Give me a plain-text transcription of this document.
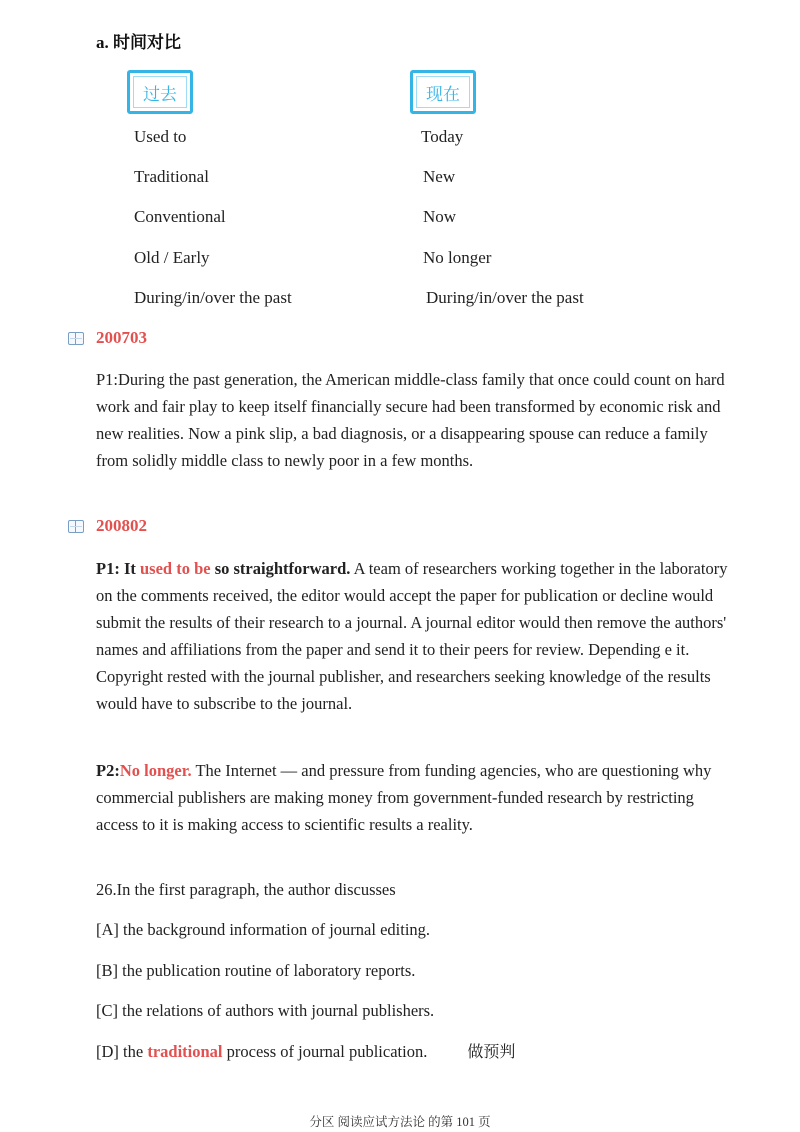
a. 时间对比
过去	现在
Used to
Traditional
Conventional
Old / Early
During/in/over the past
Today
New
Now
No longer
During/in/over the past
200703
P1:During the past generation, the American middle-class family that once could count on hard work and fair play to keep itself financially secure had been transformed by economic risk and new realities. Now a pink slip, a bad diagnosis, or a disappearing spouse can reduce a family from solidly middle class to newly poor in a few months.
200802
P1: It used to be so straightforward. A team of researchers working together in the laboratory on the comments received, the editor would accept the paper for publication or decline would submit the results of their research to a journal. A journal editor would then remove the authors' names and affiliations from the paper and send it to their peers for review. Depending e it. Copyright rested with the journal publisher, and researchers seeking knowledge of the results would have to subscribe to the journal.
P2:No longer. The Internet — and pressure from funding agencies, who are questioning why commercial publishers are making money from government-funded research by restricting access to it is making access to scientific results a reality.
26.In the first paragraph, the author discusses
[A] the background information of journal editing.
[B] the publication routine of laboratory reports.
[C] the relations of authors with journal publishers.
[D] the traditional process of journal publication.	做预判
分区 阅读应试方法论 的第 101 页
